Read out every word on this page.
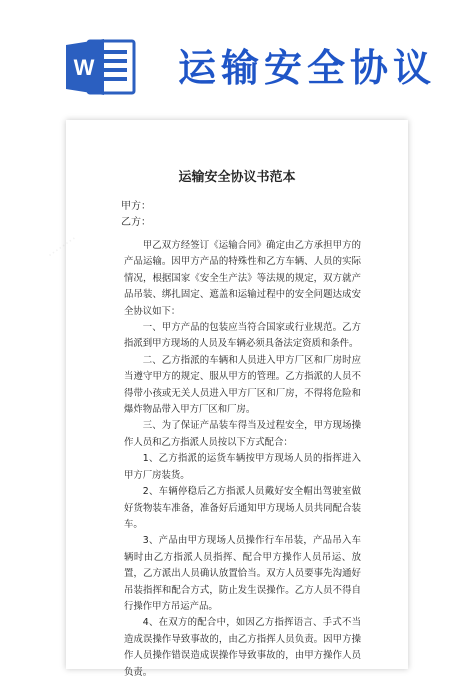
W 运输安全协议
········
运输安全协议书范本
甲方：
乙方：

甲乙双方经签订《运输合同》确定由乙方承担甲方的产品运输。因甲方产品的特殊性和乙方车辆、人员的实际情况，根据国家《安全生产法》等法规的规定，双方就产品吊装、绑扎固定、遮盖和运输过程中的安全问题达成安全协议如下：

一、甲方产品的包装应当符合国家或行业规范。乙方指派到甲方现场的人员及车辆必须具备法定资质和条件。

二、乙方指派的车辆和人员进入甲方厂区和厂房时应当遵守甲方的规定、服从甲方的管理。乙方指派的人员不得带小孩或无关人员进入甲方厂区和厂房，不得将危险和爆炸物品带入甲方厂区和厂房。

三、为了保证产品装车得当及过程安全，甲方现场操作人员和乙方指派人员按以下方式配合：

1、乙方指派的运货车辆按甲方现场人员的指挥进入甲方厂房装货。

2、车辆停稳后乙方指派人员戴好安全帽出驾驶室做好货物装车准备，准备好后通知甲方现场人员共同配合装车。

3、产品由甲方现场人员操作行车吊装，产品吊入车辆时由乙方指派人员指挥、配合甲方操作人员吊运、放置，乙方派出人员确认放置恰当。双方人员要事先沟通好吊装指挥和配合方式，防止发生误操作。乙方人员不得自行操作甲方吊运产品。

4、在双方的配合中，如因乙方指挥语言、手式不当造成误操作导致事故的，由乙方指挥人员负责。因甲方操作人员操作错误造成误操作导致事故的，由甲方操作人员负责。
